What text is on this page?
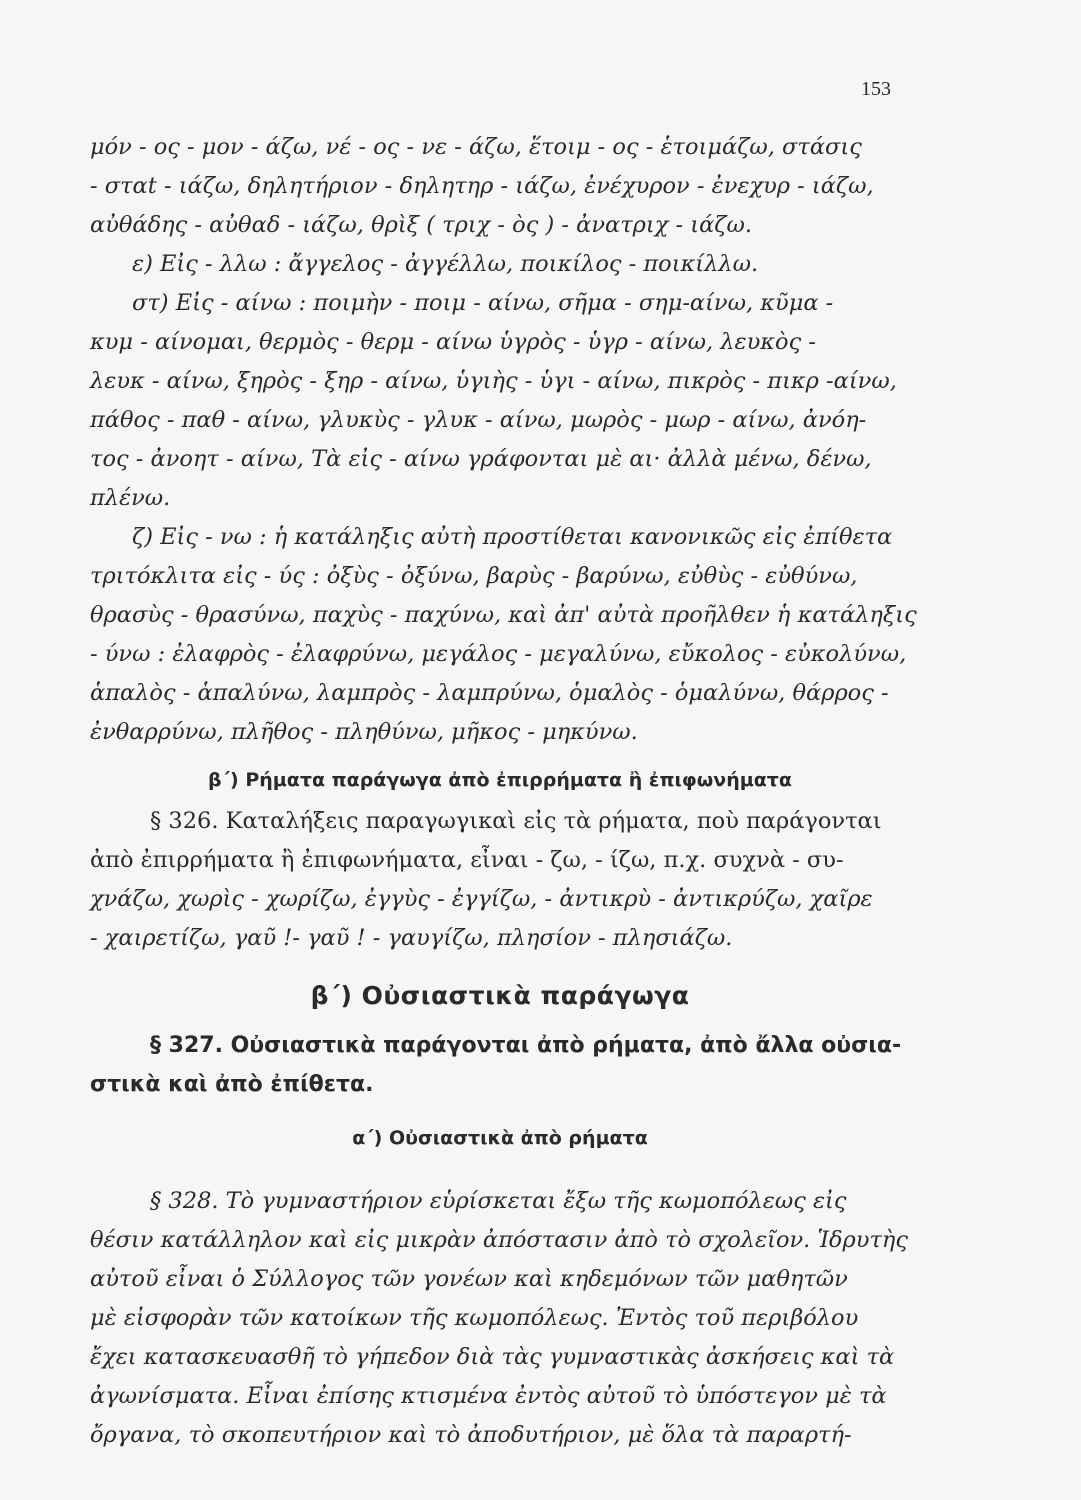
153
μόν - ος - μον - άζω, νέ - ος - νε - άζω, ἕτοιμ - ος - ἑτοιμάζω, στάσις
- σταt - ιάζω, δηλητήριον - δηλητηρ - ιάζω, ἐνέχυρον - ἐνεχυρ - ιάζω,
αὐθάδης - αὐθαδ - ιάζω, θρὶξ ( τριχ - ὸς ) - ἀνατριχ - ιάζω.
ε) Εἰς - λλω : ἄγγελος - ἀγγέλλω, ποικίλος - ποικίλλω.
στ) Εἰς - αίνω : ποιμὴν - ποιμ - αίνω, σῆμα - σημ-αίνω, κῦμα -
κυμ - αίνομαι, θερμὸς - θερμ - αίνω ὑγρὸς - ὑγρ - αίνω, λευκὸς -
λευκ - αίνω, ξηρὸς - ξηρ - αίνω, ὑγιὴς - ὑγι - αίνω, πικρὸς - πικρ -αίνω,
πάθος - παθ - αίνω, γλυκὺς - γλυκ - αίνω, μωρὸς - μωρ - αίνω, ἀνόη-
τος - ἀνοητ - αίνω, Τὰ εἰς - αίνω γράφονται μὲ αι· ἀλλὰ μένω, δένω,
πλένω.
ζ) Εἰς - νω : ἡ κατάληξις αὐτὴ προστίθεται κανονικῶς εἰς ἐπίθετα
τριτόκλιτα εἰς - ύς : ὀξὺς - ὀξύνω, βαρὺς - βαρύνω, εὐθὺς - εὐθύνω,
θρασὺς - θρασύνω, παχὺς - παχύνω, καὶ ἀπ' αὐτὰ προῆλθεν ἡ κατάληξις
- ύνω : ἐλαφρὸς - ἐλαφρύνω, μεγάλος - μεγαλύνω, εὔκολος - εὐκολύνω,
ἁπαλὸς - ἁπαλύνω, λαμπρὸς - λαμπρύνω, ὁμαλὸς - ὁμαλύνω, θάρρος -
ἐνθαρρύνω, πλῆθος - πληθύνω, μῆκος - μηκύνω.
β΄) Ρήματα παράγωγα ἀπὸ ἐπιρρήματα ἢ ἐπιφωνήματα
§ 326. Καταλήξεις παραγωγικαὶ εἰς τὰ ρήματα, ποὺ παράγονται
ἀπὸ ἐπιρρήματα ἢ ἐπιφωνήματα, εἶναι - ζω, - ίζω, π.χ. συχνὰ - συ-
χνάζω, χωρὶς - χωρίζω, ἐγγὺς - ἐγγίζω, - ἀντικρὺ - ἀντικρύζω, χαῖρε
- χαιρετίζω, γαῦ !- γαῦ ! - γαυγίζω, πλησίον - πλησιάζω.
β΄) Οὐσιαστικὰ παράγωγα
§ 327. Οὐσιαστικὰ παράγονται ἀπὸ ρήματα, ἀπὸ ἄλλα οὐσια-
στικὰ καὶ ἀπὸ ἐπίθετα.
α΄) Οὐσιαστικὰ ἀπὸ ρήματα
§ 328. Τὸ γυμναστήριον εὑρίσκεται ἔξω τῆς κωμοπόλεως εἰς
θέσιν κατάλληλον καὶ εἰς μικρὰν ἀπόστασιν ἀπὸ τὸ σχολεῖον. Ἱδρυτὴς
αὐτοῦ εἶναι ὁ Σύλλογος τῶν γονέων καὶ κηδεμόνων τῶν μαθητῶν
μὲ εἰσφορὰν τῶν κατοίκων τῆς κωμοπόλεως. Ἐντὸς τοῦ περιβόλου
ἔχει κατασκευασθῆ τὸ γήπεδον διὰ τὰς γυμναστικὰς ἀσκήσεις καὶ τὰ
ἀγωνίσματα. Εἶναι ἐπίσης κτισμένα ἐντὸς αὐτοῦ τὸ ὑπόστεγον μὲ τὰ
ὄργανα, τὸ σκοπευτήριον καὶ τὸ ἀποδυτήριον, μὲ ὅλα τὰ παραρτή-
